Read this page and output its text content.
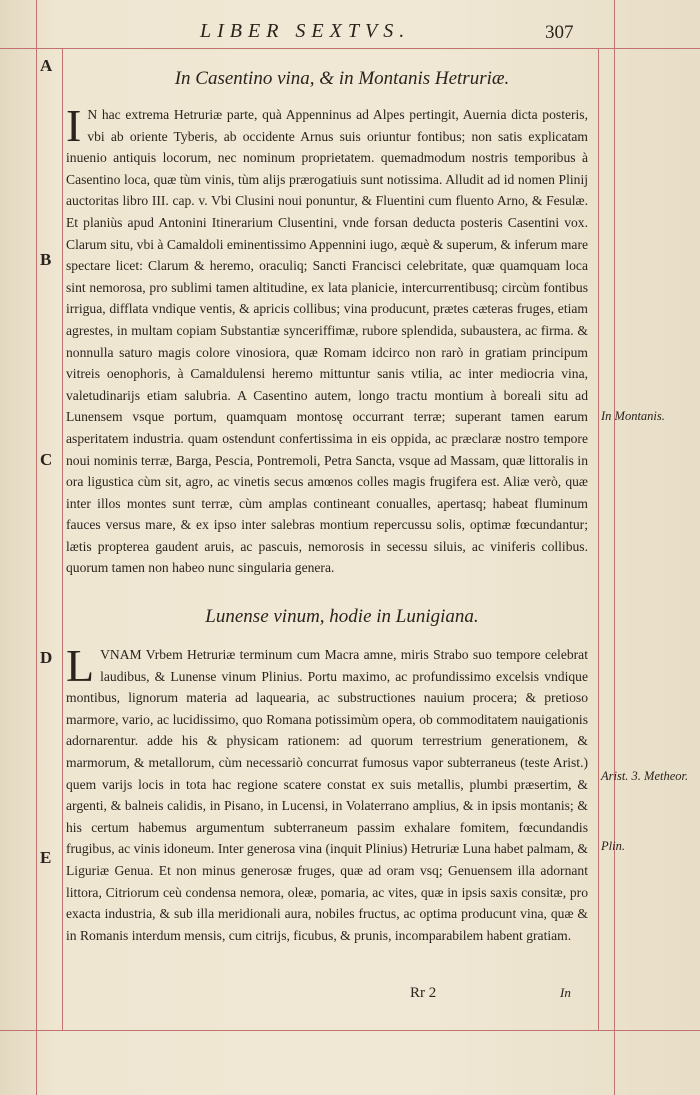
LIBER SEXTVS.	307
A
B
C
D
E
In Casentino vina, & in Montanis Hetruriæ.

I N hac extrema Hetruriæ parte, quà Appenninus ad Alpes pertingit, Auernia dicta posteris, vbi ab oriente Tyberis, ab occidente Arnus suis oriuntur fontibus; non satis explicatam inuenio antiquis locorum, nec nominum proprietatem. quemadmodum nostris temporibus à Casentino loca, quæ tùm vinis, tùm alijs prærogatiuis sunt notissima. Alludit ad id nomen Plinij auctoritas libro III. cap. v. Vbi Clusini noui ponuntur, & Fluentini cum fluento Arno, & Fesulæ. Et planiùs apud Antonini Itinerarium Clusentini, vnde forsan deducta posteris Casentini vox. Clarum situ, vbi à Camaldoli eminentissimo Appennini iugo, æquè & superum, & inferum mare spectare licet: Clarum & heremo, oraculiq; Sancti Francisci celebritate, quæ quamquam loca sint nemorosa, pro sublimi tamen altitudine, ex lata planicie, intercurrentibusq; circùm fontibus irrigua, difflata vndique ventis, & apricis collibus; vina producunt, prætes cæteras fruges, etiam agrestes, in multam copiam Substantiæ synceriffimæ, rubore splendida, subaustera, ac firma. & nonnulla saturo magis colore vinosiora, quæ Romam idcirco non rarò in gratiam principum vitreis oenophoris, à Camaldulensi heremo mittuntur sanis vtilia, ac inter mediocria vina, valetudinarijs etiam salubria. A Casentino autem, longo tractu montium à boreali situ ad Lunensem vsque portum, quamquam montosę occurrant terræ; superant tamen earum asperitatem industria. quam ostendunt confertissima in eis oppida, ac præclaræ nostro tempore noui nominis terræ, Barga, Pescia, Pontremoli, Petra Sancta, vsque ad Massam, quæ littoralis in ora ligustica cùm sit, agro, ac vinetis secus amœnos colles magis frugifera est. Aliæ verò, quæ inter illos montes sunt terræ, cùm amplas contineant conualles, apertasq; habeat fluminum fauces versus mare, & ex ipso inter salebras montium repercussu solis, optimæ fœcundantur; lætis propterea gaudent aruis, ac pascuis, nemorosis in secessu siluis, ac viniferis collibus. quorum tamen non habeo nunc singularia genera.

Lunense vinum, hodie in Lunigiana.

LVNAM Vrbem Hetruriæ terminum cum Macra amne, miris Strabo suo tempore celebrat laudibus, & Lunense vinum Plinius. Portu maximo, ac profundissimo excelsis vndique montibus, lignorum materia ad laquearia, ac substructiones nauium procera; & pretioso marmore, vario, ac lucidissimo, quo Romana potissimùm opera, ob commoditatem nauigationis adornarentur. adde his & physicam rationem: ad quorum terrestrium generationem, & marmorum, & metallorum, cùm necessariò concurrat fumosus vapor subterraneus (teste Arist.) quem varijs locis in tota hac regione scatere constat ex suis metallis, plumbi præsertim, & argenti, & balneis calidis, in Pisano, in Lucensi, in Volaterrano amplius, & in ipsis montanis; & his certum habemus argumentum subterraneum passim exhalare fomitem, fœcundandis frugibus, ac vinis idoneum. Inter generosa vina (inquit Plinius) Hetruriæ Luna habet palmam, & Liguriæ Genua. Et non minus generosæ fruges, quæ ad oram vsq; Genuensem illa adornant littora, Citriorum ceù condensa nemora, oleæ, pomaria, ac vites, quæ in ipsis saxis consitæ, pro exacta industria, & sub illa meridionali aura, nobiles fructus, ac optima producunt vina, quæ & in Romanis interdum mensis, cum citrijs, ficubus, & prunis, incomparabilem habent gratiam.

In Montanis.
Arist. 3. Metheor.
Plin.
Rr 2	In
